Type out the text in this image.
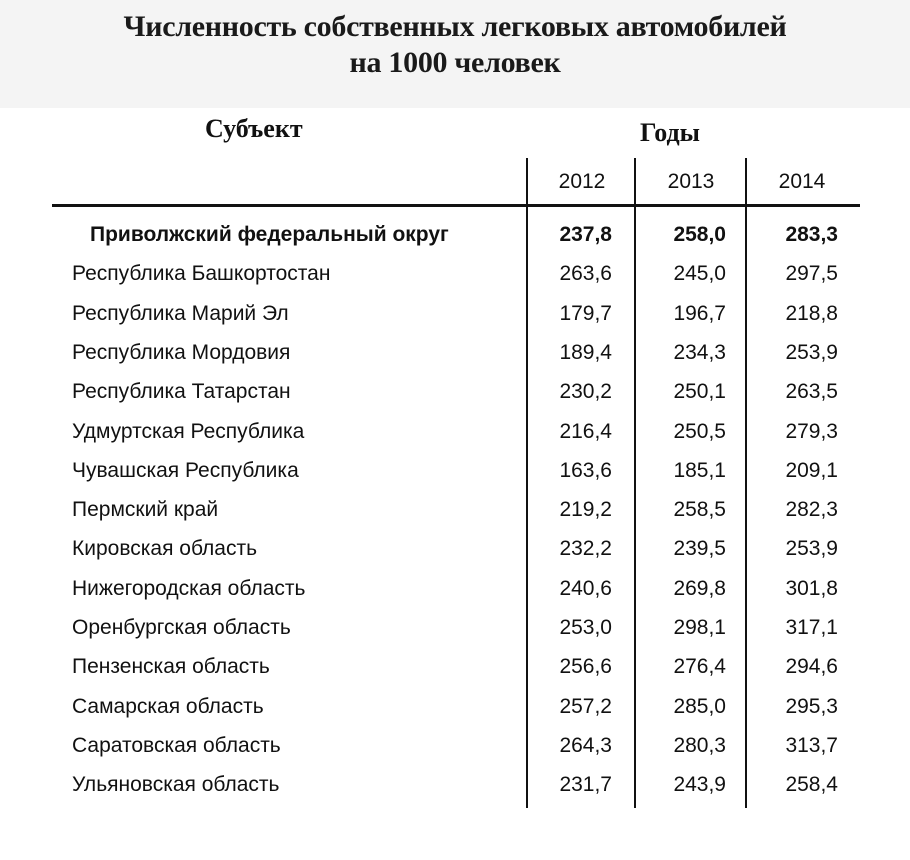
Численность собственных легковых автомобилей
на 1000 человек
Субъект	Годы
2012	2013	2014
Приволжский федеральный округ	237,8	258,0	283,3
Республика Башкортостан	263,6	245,0	297,5
Республика Марий Эл	179,7	196,7	218,8
Республика Мордовия	189,4	234,3	253,9
Республика Татарстан	230,2	250,1	263,5
Удмуртская Республика	216,4	250,5	279,3
Чувашская Республика	163,6	185,1	209,1
Пермский край	219,2	258,5	282,3
Кировская область	232,2	239,5	253,9
Нижегородская область	240,6	269,8	301,8
Оренбургская область	253,0	298,1	317,1
Пензенская область	256,6	276,4	294,6
Самарская область	257,2	285,0	295,3
Саратовская область	264,3	280,3	313,7
Ульяновская область	231,7	243,9	258,4
